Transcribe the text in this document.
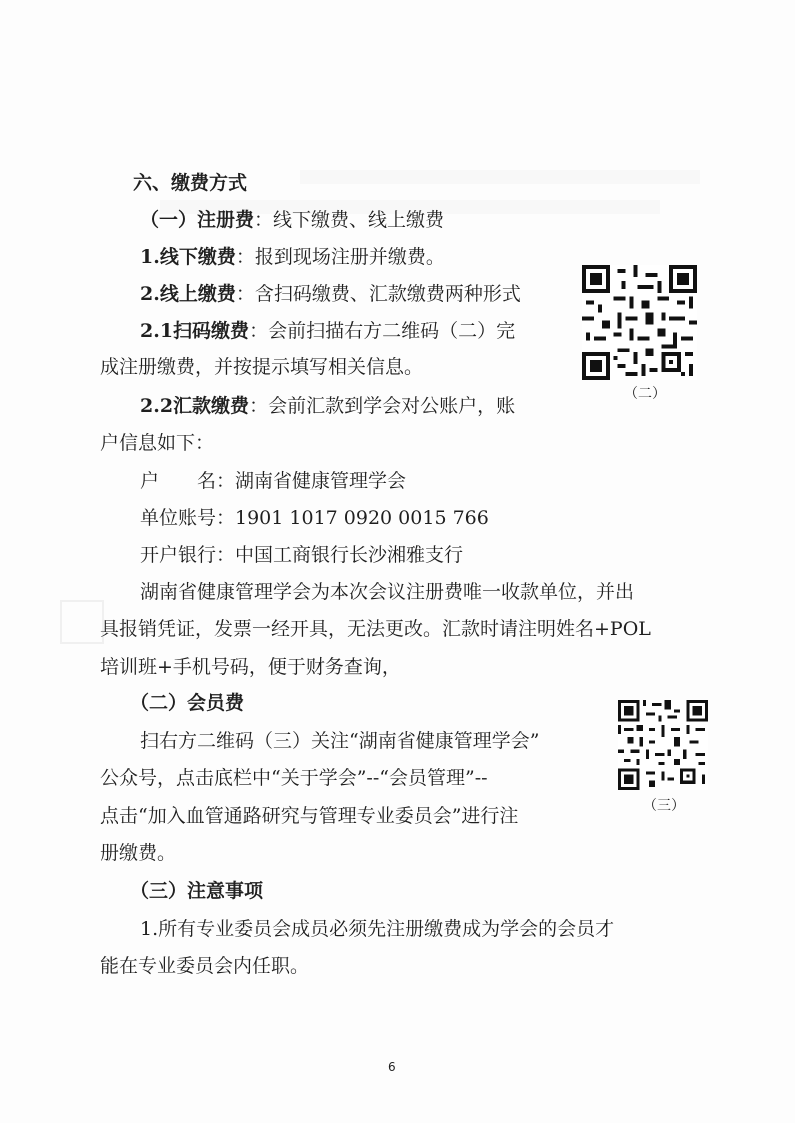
六、缴费方式
（一）注册费：线下缴费、线上缴费
1.线下缴费：报到现场注册并缴费。
2.线上缴费：含扫码缴费、汇款缴费两种形式
2.1扫码缴费：会前扫描右方二维码（二）完
成注册缴费，并按提示填写相关信息。
2.2汇款缴费：会前汇款到学会对公账户，账
户信息如下：
户　　名：湖南省健康管理学会
单位账号：1901 1017 0920 0015 766
开户银行：中国工商银行长沙湘雅支行
湖南省健康管理学会为本次会议注册费唯一收款单位，并出
具报销凭证，发票一经开具，无法更改。汇款时请注明姓名+POL
培训班+手机号码，便于财务查询，
（二）会员费
扫右方二维码（三）关注“湖南省健康管理学会”
公众号，点击底栏中“关于学会”--“会员管理”--
点击“加入血管通路研究与管理专业委员会”进行注
册缴费。
（三）注意事项
1.所有专业委员会成员必须先注册缴费成为学会的会员才
能在专业委员会内任职。
（二）
（三）
6
